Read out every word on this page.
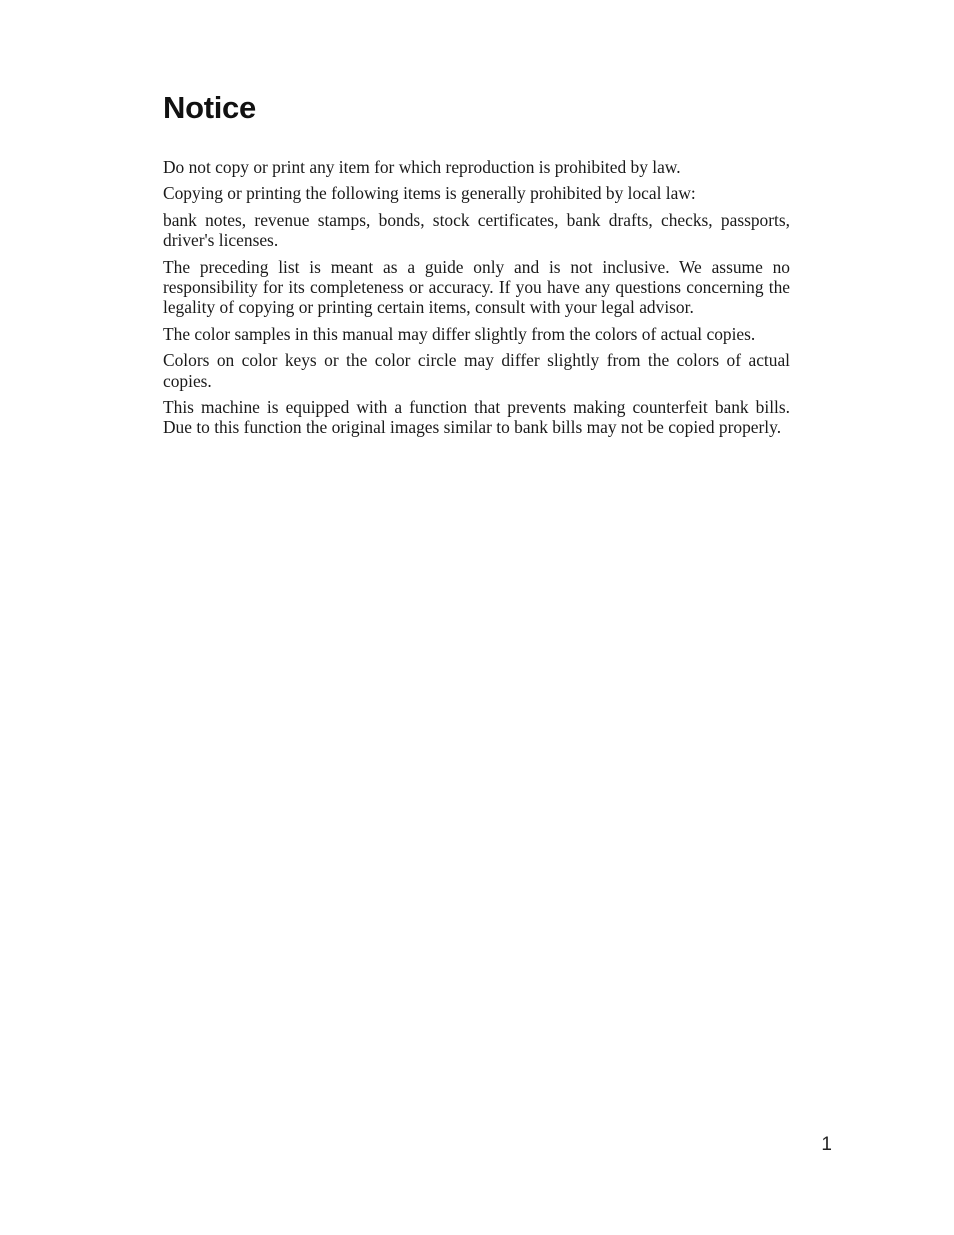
Notice

Do not copy or print any item for which reproduction is prohibited by law.

Copying or printing the following items is generally prohibited by local law:

bank notes, revenue stamps, bonds, stock certificates, bank drafts, checks, passports, driver's licenses.

The preceding list is meant as a guide only and is not inclusive. We assume no responsibility for its completeness or accuracy. If you have any questions concerning the legality of copying or printing certain items, consult with your legal advisor.

The color samples in this manual may differ slightly from the colors of actual copies.

Colors on color keys or the color circle may differ slightly from the colors of actual copies.

This machine is equipped with a function that prevents making counterfeit bank bills. Due to this function the original images similar to bank bills may not be copied properly.

1
